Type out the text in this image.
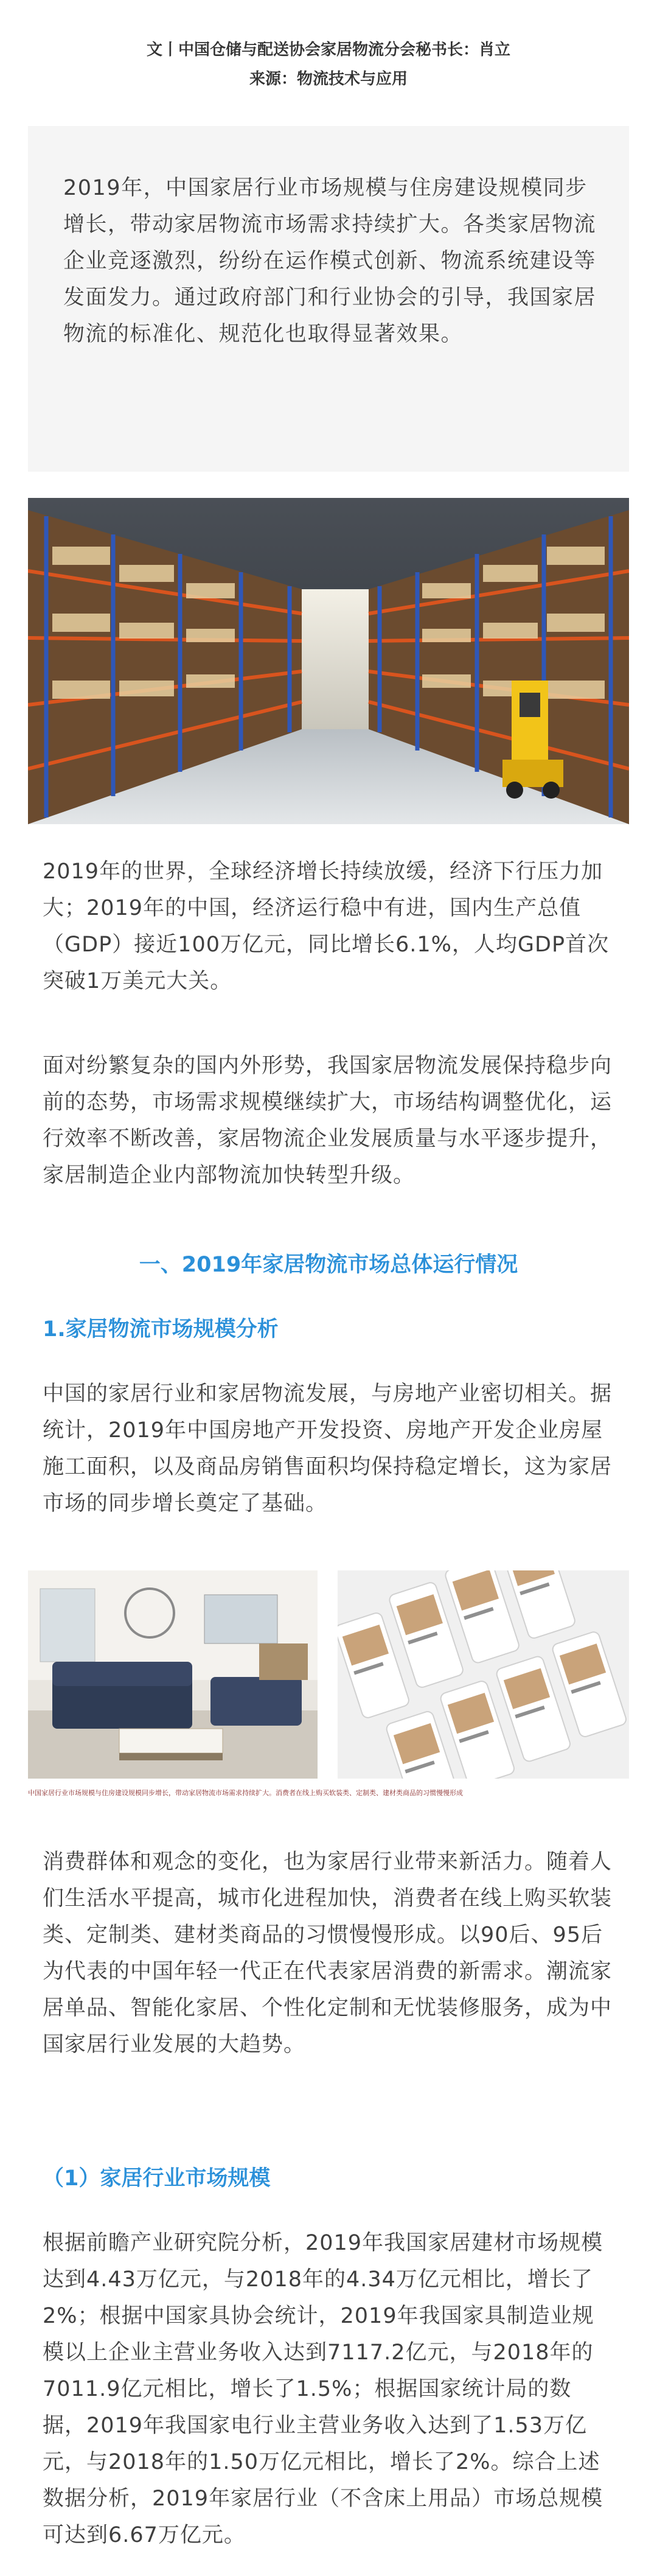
文丨中国仓储与配送协会家居物流分会秘书长：肖立
来源：物流技术与应用
2019年，中国家居行业市场规模与住房建设规模同步增长，带动家居物流市场需求持续扩大。各类家居物流企业竞逐激烈，纷纷在运作模式创新、物流系统建设等发面发力。通过政府部门和行业协会的引导，我国家居物流的标准化、规范化也取得显著效果。
2019年的世界，全球经济增长持续放缓，经济下行压力加大；2019年的中国，经济运行稳中有进，国内生产总值（GDP）接近100万亿元，同比增长6.1%，人均GDP首次突破1万美元大关。
面对纷繁复杂的国内外形势，我国家居物流发展保持稳步向前的态势，市场需求规模继续扩大，市场结构调整优化，运行效率不断改善，家居物流企业发展质量与水平逐步提升，家居制造企业内部物流加快转型升级。
一、2019年家居物流市场总体运行情况
1.家居物流市场规模分析
中国的家居行业和家居物流发展，与房地产业密切相关。据统计，2019年中国房地产开发投资、房地产开发企业房屋施工面积，以及商品房销售面积均保持稳定增长，这为家居市场的同步增长奠定了基础。
中国家居行业市场规模与住房建设规模同步增长，带动家居物流市场需求持续扩大。消费者在线上购买软装类、定制类、建材类商品的习惯慢慢形成
消费群体和观念的变化，也为家居行业带来新活力。随着人们生活水平提高，城市化进程加快，消费者在线上购买软装类、定制类、建材类商品的习惯慢慢形成。以90后、95后为代表的中国年轻一代正在代表家居消费的新需求。潮流家居单品、智能化家居、个性化定制和无忧装修服务，成为中国家居行业发展的大趋势。
（1）家居行业市场规模
根据前瞻产业研究院分析，2019年我国家居建材市场规模达到4.43万亿元，与2018年的4.34万亿元相比，增长了2%；根据中国家具协会统计，2019年我国家具制造业规模以上企业主营业务收入达到7117.2亿元，与2018年的7011.9亿元相比，增长了1.5%；根据国家统计局的数据，2019年我国家电行业主营业务收入达到了1.53万亿元，与2018年的1.50万亿元相比，增长了2%。综合上述数据分析，2019年家居行业（不含床上用品）市场总规模可达到6.67万亿元。
